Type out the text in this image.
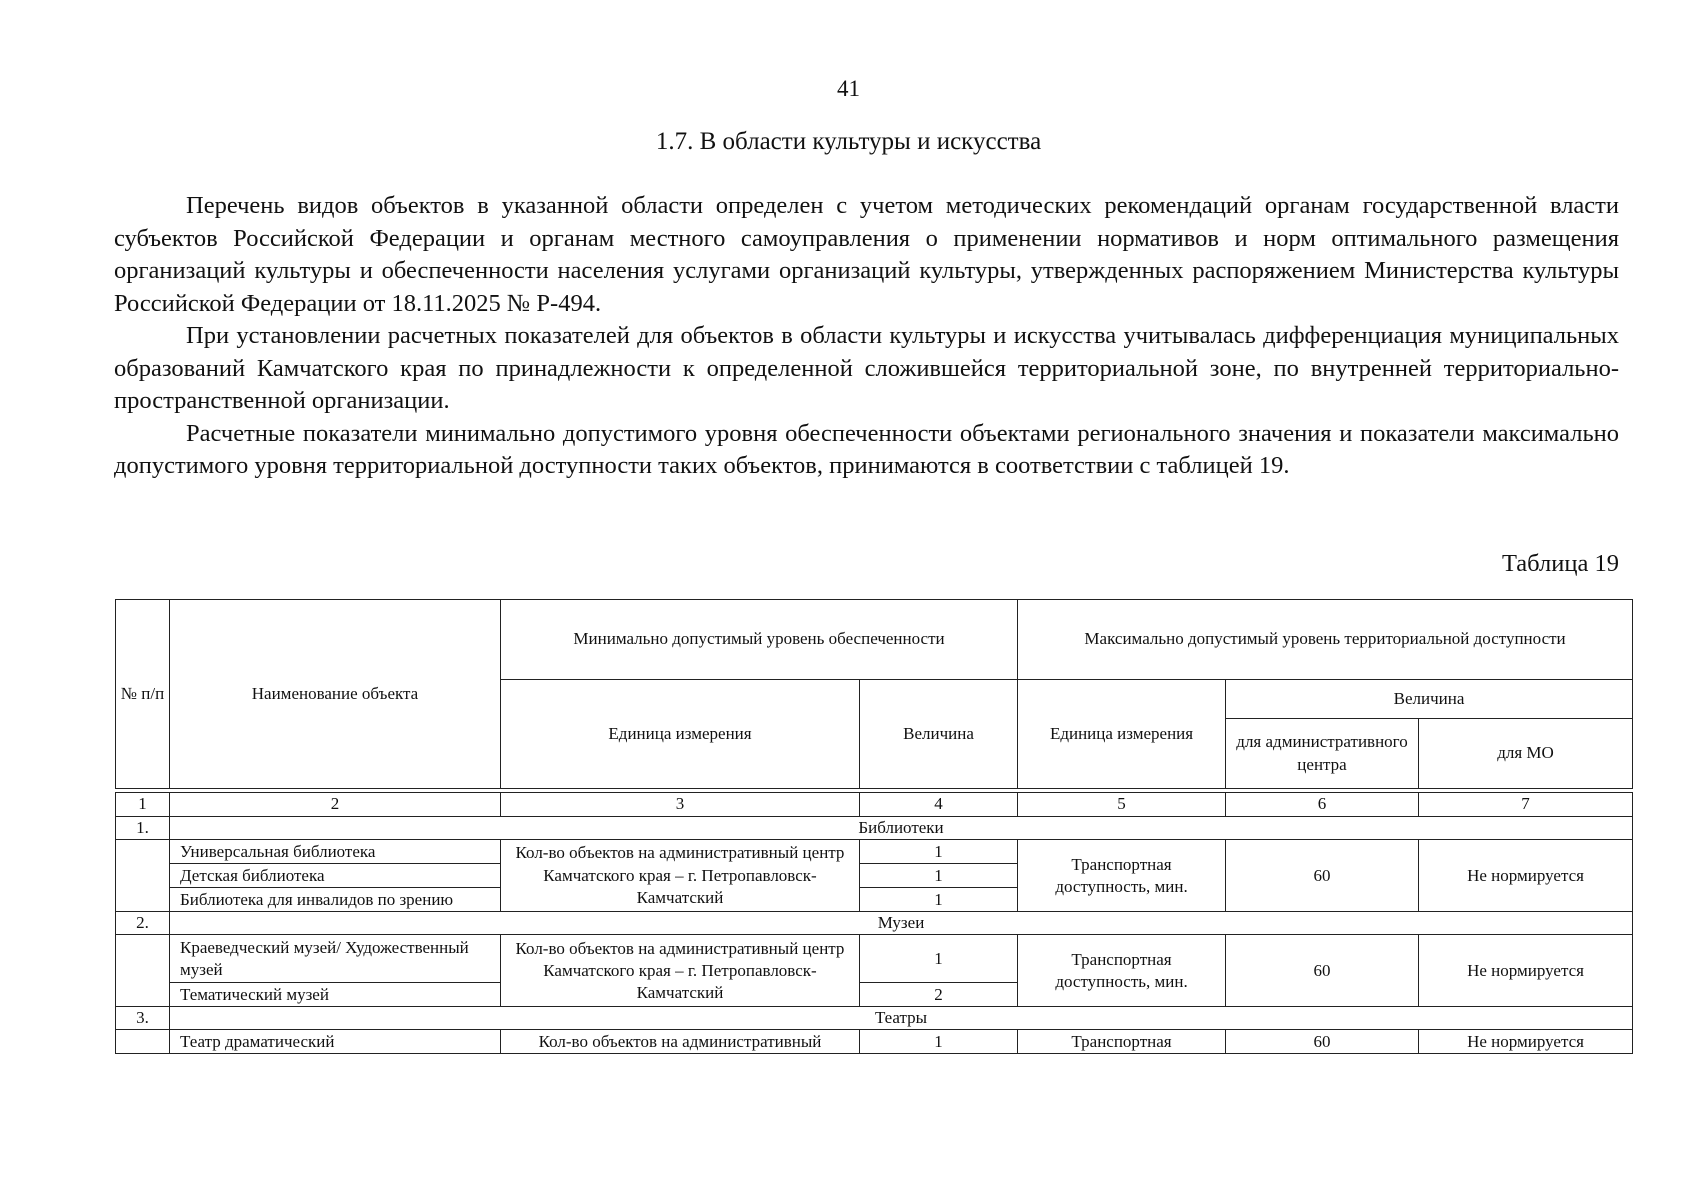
41
1.7. В области культуры и искусства

Перечень видов объектов в указанной области определен с учетом методических рекомендаций органам государственной власти субъектов Российской Федерации и органам местного самоуправления о применении нормативов и норм оптимального размещения организаций культуры и обеспеченности населения услугами организаций культуры, утвержденных распоряжением Министерства культуры Российской Федерации от 18.11.2025 № Р-494.

При установлении расчетных показателей для объектов в области культуры и искусства учитывалась дифференциация муниципальных образований Камчатского края по принадлежности к определенной сложившейся территориальной зоне, по внутренней территориально-пространственной организации.

Расчетные показатели минимально допустимого уровня обеспеченности объектами регионального значения и показатели максимально допустимого уровня территориальной доступности таких объектов, принимаются в соответствии с таблицей 19.

Таблица 19
№ п/п	Наименование объекта	Минимально допустимый уровень обеспеченности		Максимально допустимый уровень территориальной доступности		
		Единица измерения	Величина	Единица измерения	Величина	
					для административного центра	для МО

1	2	3	4	5	6	7
1.	Библиотеки					
	Универсальная библиотека	Кол-во объектов на административный центр Камчатского края – г. Петропавловск-Камчатский	1	Транспортная доступность, мин.	60	Не нормируется
	Детская библиотека		1			
	Библиотека для инвалидов по зрению		1			
2.	Музеи					
	Краеведческий музей/ Художественный музей	Кол-во объектов на административный центр Камчатского края – г. Петропавловск-Камчатский	1	Транспортная доступность, мин.	60	Не нормируется
	Тематический музей		2			
3.	Театры					
	Театр драматический	Кол-во объектов на административный	1	Транспортная	60	Не нормируется
